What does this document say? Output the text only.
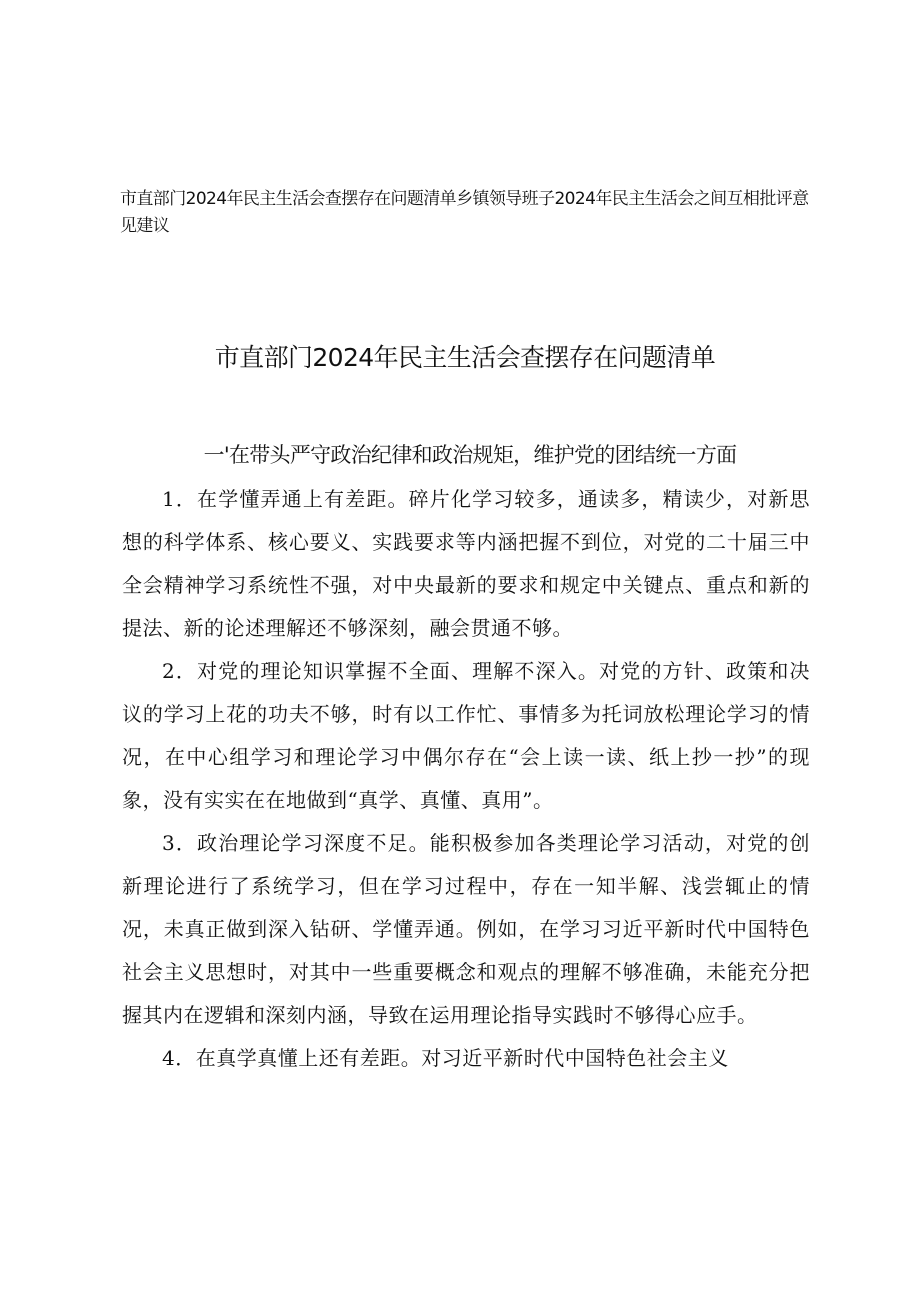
市直部门2024年民主生活会查摆存在问题清单乡镇领导班子2024年民主生活会之间互相批评意见建议

市直部门2024年民主生活会查摆存在问题清单
一'在带头严守政治纪律和政治规矩，维护党的团结统一方面

1．在学懂弄通上有差距。碎片化学习较多，通读多，精读少，对新思想的科学体系、核心要义、实践要求等内涵把握不到位，对党的二十届三中全会精神学习系统性不强，对中央最新的要求和规定中关键点、重点和新的提法、新的论述理解还不够深刻，融会贯通不够。

2．对党的理论知识掌握不全面、理解不深入。对党的方针、政策和决议的学习上花的功夫不够，时有以工作忙、事情多为托词放松理论学习的情况，在中心组学习和理论学习中偶尔存在“会上读一读、纸上抄一抄”的现象，没有实实在在地做到“真学、真懂、真用”。

3．政治理论学习深度不足。能积极参加各类理论学习活动，对党的创新理论进行了系统学习，但在学习过程中，存在一知半解、浅尝辄止的情况，未真正做到深入钻研、学懂弄通。例如，在学习习近平新时代中国特色社会主义思想时，对其中一些重要概念和观点的理解不够准确，未能充分把握其内在逻辑和深刻内涵，导致在运用理论指导实践时不够得心应手。

4．在真学真懂上还有差距。对习近平新时代中国特色社会主义
